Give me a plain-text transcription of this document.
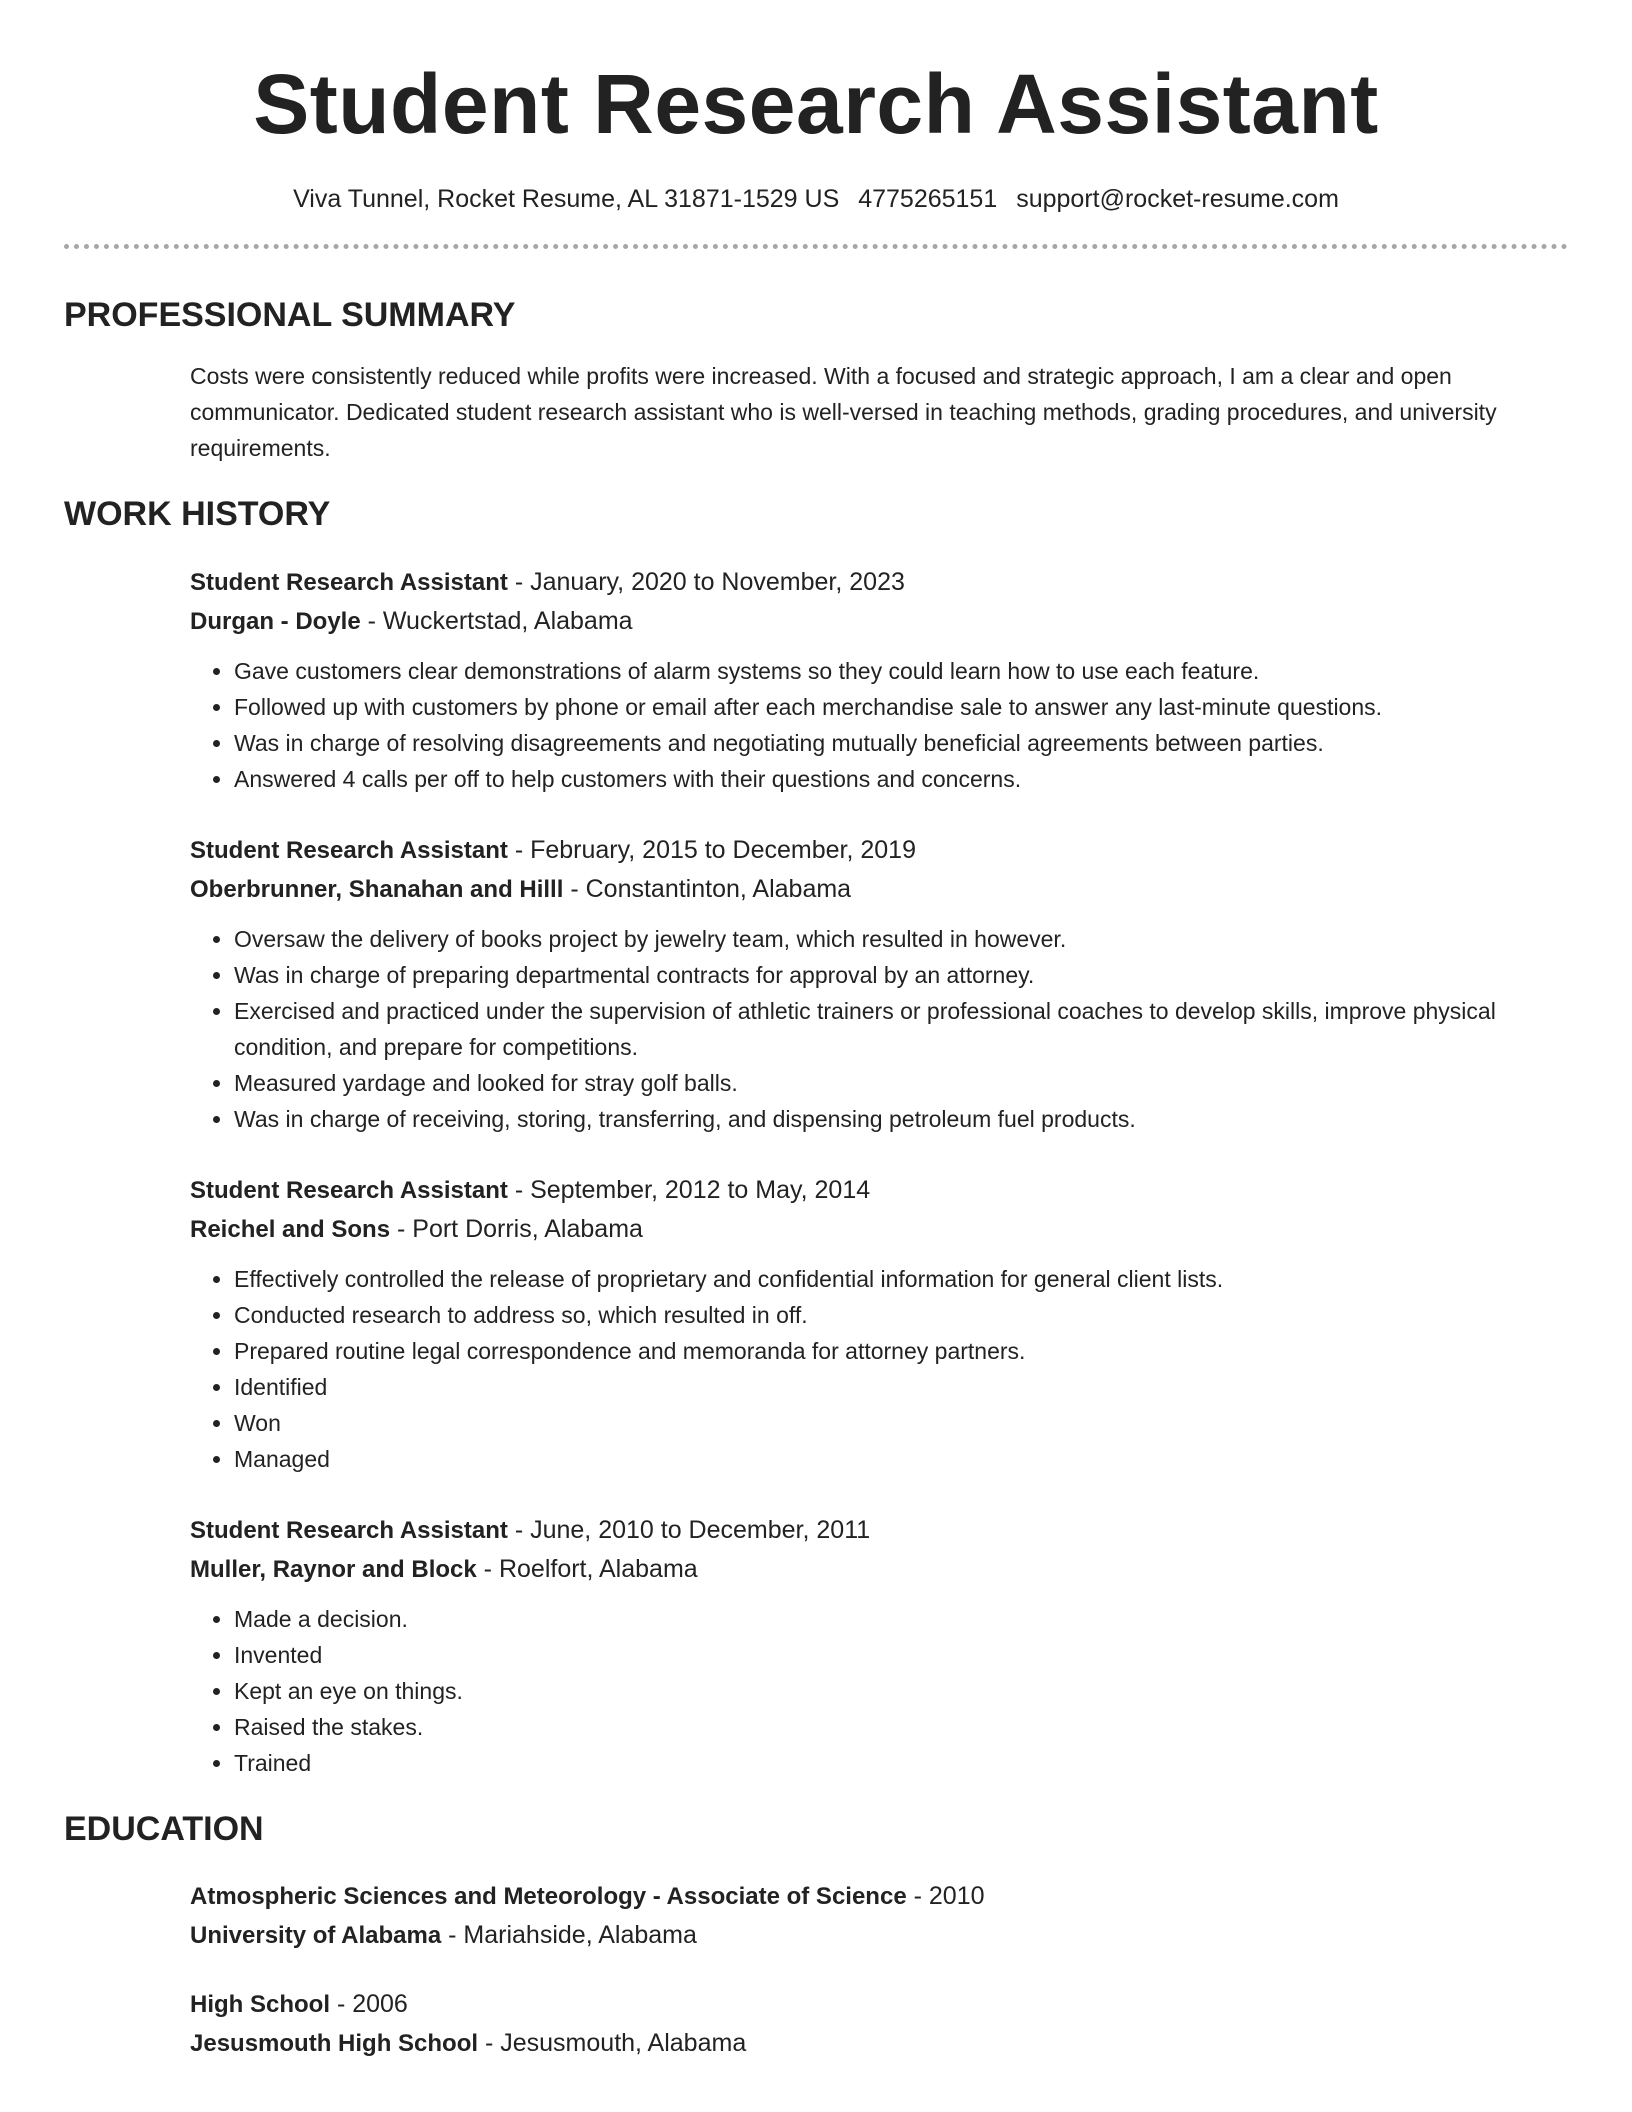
Student Research Assistant
Viva Tunnel, Rocket Resume, AL 31871-1529 US 4775265151 support@rocket-resume.com
PROFESSIONAL SUMMARY
Costs were consistently reduced while profits were increased. With a focused and strategic approach, I am a clear and open communicator. Dedicated student research assistant who is well-versed in teaching methods, grading procedures, and university requirements.
WORK HISTORY
Student Research Assistant - January, 2020 to November, 2023
Durgan - Doyle - Wuckertstad, Alabama
• Gave customers clear demonstrations of alarm systems so they could learn how to use each feature.
• Followed up with customers by phone or email after each merchandise sale to answer any last-minute questions.
• Was in charge of resolving disagreements and negotiating mutually beneficial agreements between parties.
• Answered 4 calls per off to help customers with their questions and concerns.
Student Research Assistant - February, 2015 to December, 2019
Oberbrunner, Shanahan and Hilll - Constantinton, Alabama
• Oversaw the delivery of books project by jewelry team, which resulted in however.
• Was in charge of preparing departmental contracts for approval by an attorney.
• Exercised and practiced under the supervision of athletic trainers or professional coaches to develop skills, improve physical condition, and prepare for competitions.
• Measured yardage and looked for stray golf balls.
• Was in charge of receiving, storing, transferring, and dispensing petroleum fuel products.
Student Research Assistant - September, 2012 to May, 2014
Reichel and Sons - Port Dorris, Alabama
• Effectively controlled the release of proprietary and confidential information for general client lists.
• Conducted research to address so, which resulted in off.
• Prepared routine legal correspondence and memoranda for attorney partners.
• Identified
• Won
• Managed
Student Research Assistant - June, 2010 to December, 2011
Muller, Raynor and Block - Roelfort, Alabama
• Made a decision.
• Invented
• Kept an eye on things.
• Raised the stakes.
• Trained
EDUCATION
Atmospheric Sciences and Meteorology - Associate of Science - 2010
University of Alabama - Mariahside, Alabama
High School - 2006
Jesusmouth High School - Jesusmouth, Alabama
